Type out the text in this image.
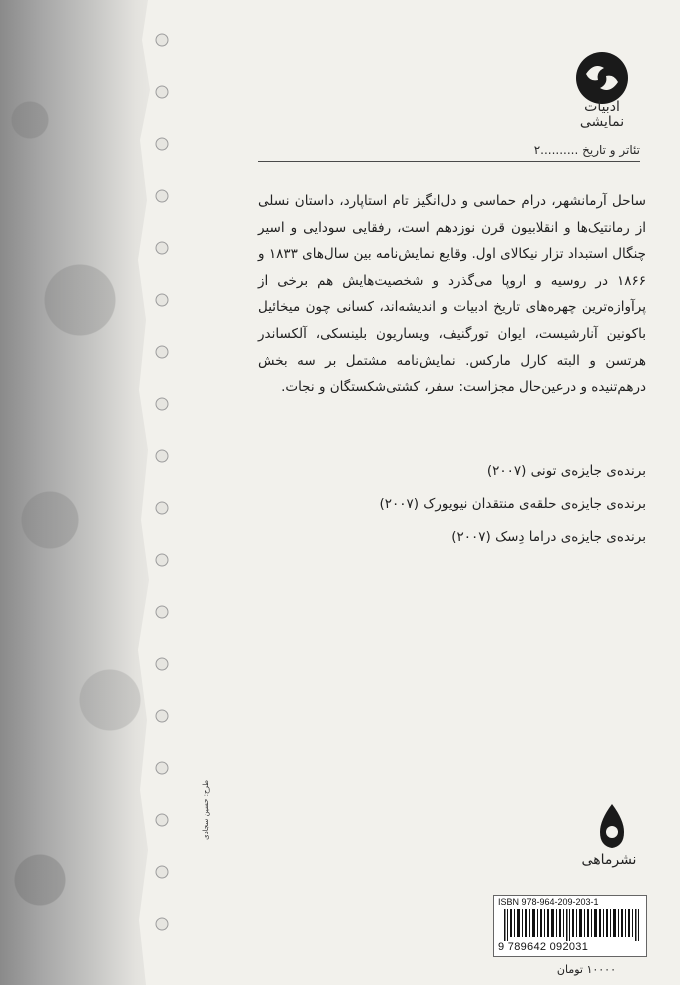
ادبیات نمایشی
تئاتر و تاریخ ..........۲
ساحل آرمانشهر، درام حماسی و دل‌انگیز تام استاپارد، داستان نسلی از رمانتیک‌ها و انقلابیون قرن نوزدهم است، رفقایی سودایی و اسیر چنگال استبداد تزار نیکالای اول. وقایع نمایش‌نامه بین سال‌های ۱۸۳۳ و ۱۸۶۶ در روسیه و اروپا می‌گذرد و شخصیت‌هایش هم برخی از پرآوازه‌ترین چهره‌های تاریخ ادبیات و اندیشه‌اند، کسانی چون میخائیل باکونین آنارشیست، ایوان تورگنیف، ویساریون بلینسکی، آلکساندر هرتسن و البته کارل مارکس. نمایش‌نامه مشتمل بر سه بخش درهم‌تنیده و درعین‌حال مجزاست: سفر، کشتی‌شکستگان و نجات.
برنده‌ی جایزه‌ی تونی (۲۰۰۷)
برنده‌ی جایزه‌ی حلقه‌ی منتقدان نیویورک (۲۰۰۷)
برنده‌ی جایزه‌ی دراما دِسک (۲۰۰۷)
نشرماهی
طرح: حسین سجادی
ISBN 978-964-209-203-1
9 789642 092031
۱۰۰۰۰ تومان
